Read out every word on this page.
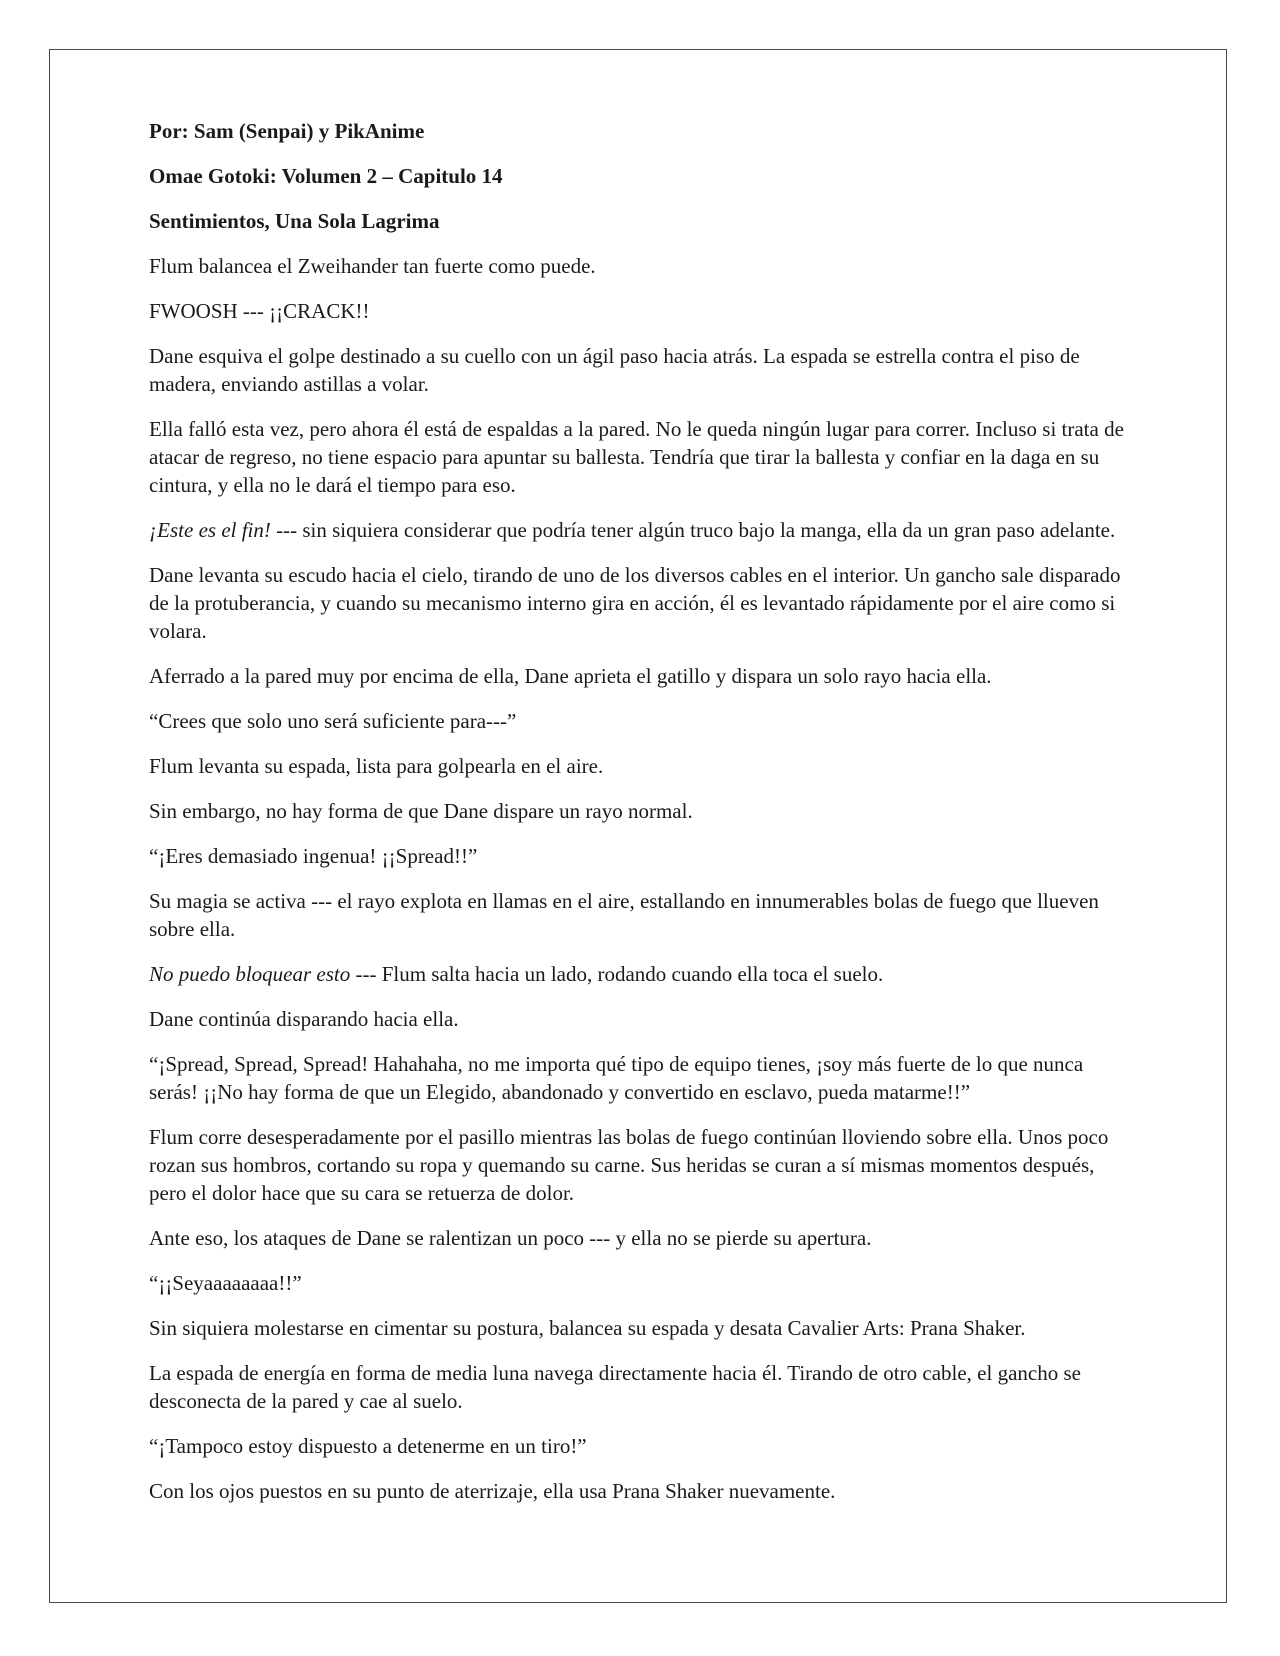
Por: Sam (Senpai) y PikAnime

Omae Gotoki: Volumen 2 – Capitulo 14

Sentimientos, Una Sola Lagrima

Flum balancea el Zweihander tan fuerte como puede.

FWOOSH --- ¡¡CRACK!!

Dane esquiva el golpe destinado a su cuello con un ágil paso hacia atrás. La espada se estrella contra el piso de madera, enviando astillas a volar.

Ella falló esta vez, pero ahora él está de espaldas a la pared. No le queda ningún lugar para correr. Incluso si trata de atacar de regreso, no tiene espacio para apuntar su ballesta. Tendría que tirar la ballesta y confiar en la daga en su cintura, y ella no le dará el tiempo para eso.

¡Este es el fin! --- sin siquiera considerar que podría tener algún truco bajo la manga, ella da un gran paso adelante.

Dane levanta su escudo hacia el cielo, tirando de uno de los diversos cables en el interior. Un gancho sale disparado de la protuberancia, y cuando su mecanismo interno gira en acción, él es levantado rápidamente por el aire como si volara.

Aferrado a la pared muy por encima de ella, Dane aprieta el gatillo y dispara un solo rayo hacia ella.

“Crees que solo uno será suficiente para---”

Flum levanta su espada, lista para golpearla en el aire.

Sin embargo, no hay forma de que Dane dispare un rayo normal.

“¡Eres demasiado ingenua! ¡¡Spread!!”

Su magia se activa --- el rayo explota en llamas en el aire, estallando en innumerables bolas de fuego que llueven sobre ella.

No puedo bloquear esto --- Flum salta hacia un lado, rodando cuando ella toca el suelo.

Dane continúa disparando hacia ella.

“¡Spread, Spread, Spread! Hahahaha, no me importa qué tipo de equipo tienes, ¡soy más fuerte de lo que nunca serás! ¡¡No hay forma de que un Elegido, abandonado y convertido en esclavo, pueda matarme!!”

Flum corre desesperadamente por el pasillo mientras las bolas de fuego continúan lloviendo sobre ella. Unos poco rozan sus hombros, cortando su ropa y quemando su carne. Sus heridas se curan a sí mismas momentos después, pero el dolor hace que su cara se retuerza de dolor.

Ante eso, los ataques de Dane se ralentizan un poco --- y ella no se pierde su apertura.

“¡¡Seyaaaaaaaa!!”

Sin siquiera molestarse en cimentar su postura, balancea su espada y desata Cavalier Arts: Prana Shaker.

La espada de energía en forma de media luna navega directamente hacia él. Tirando de otro cable, el gancho se desconecta de la pared y cae al suelo.

“¡Tampoco estoy dispuesto a detenerme en un tiro!”

Con los ojos puestos en su punto de aterrizaje, ella usa Prana Shaker nuevamente.
